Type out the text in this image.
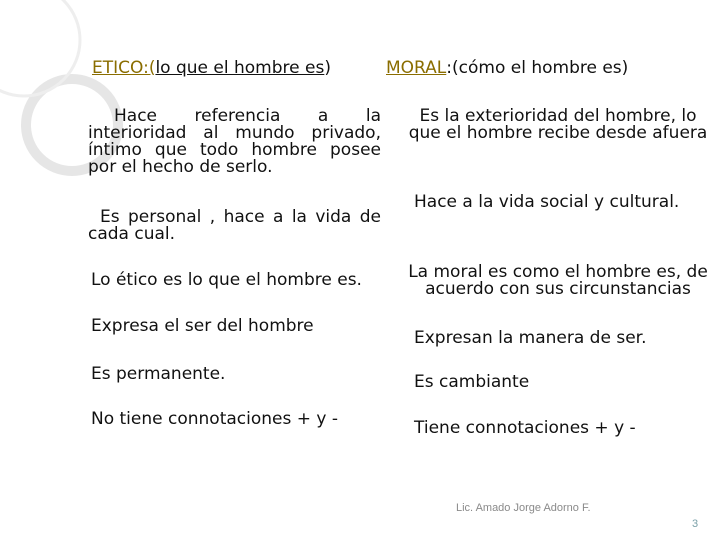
ETICO:(lo que el hombre es)	MORAL:(cómo el hombre es)
Hace referencia a la interioridad al mundo privado, íntimo que todo hombre posee por el hecho de serlo.
Es personal , hace a la vida de cada cual.
Lo ético es lo que el hombre es.
Expresa el ser del hombre
Es permanente.
No tiene connotaciones + y -
Es la exterioridad del hombre, lo que el hombre recibe desde afuera
Hace a la vida social y cultural.
La moral es como el hombre es, de acuerdo con sus circunstancias
Expresan la manera de ser.
Es cambiante
Tiene connotaciones + y -
Lic. Amado Jorge Adorno F.
3
